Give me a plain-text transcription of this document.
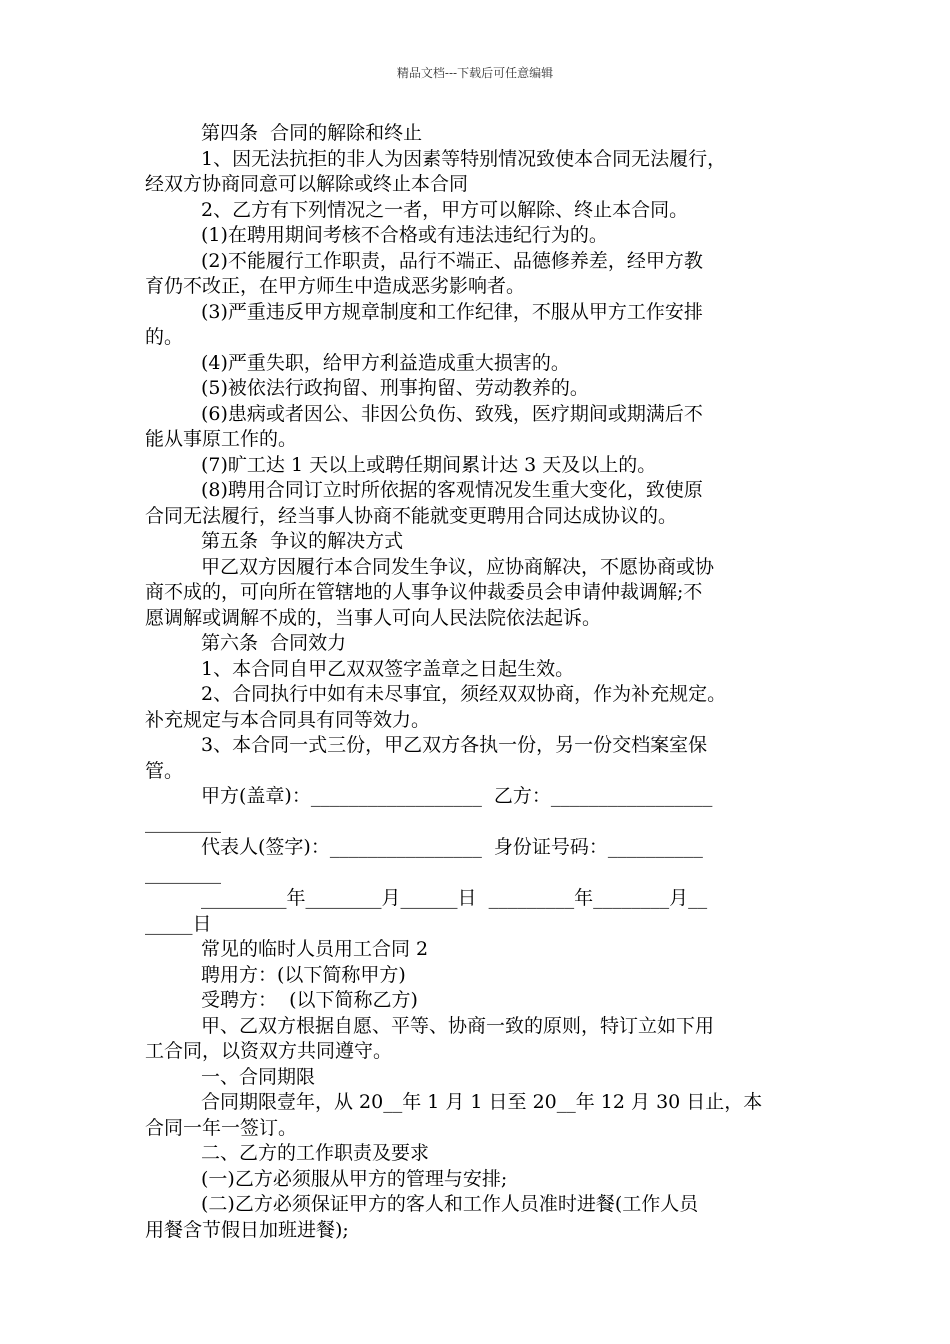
精品文档---下载后可任意编辑
第四条  合同的解除和终止
1、因无法抗拒的非人为因素等特别情况致使本合同无法履行，
经双方协商同意可以解除或终止本合同
2、乙方有下列情况之一者，甲方可以解除、终止本合同。
(1)在聘用期间考核不合格或有违法违纪行为的。
(2)不能履行工作职责，品行不端正、品德修养差，经甲方教
育仍不改正，在甲方师生中造成恶劣影响者。
(3)严重违反甲方规章制度和工作纪律，不服从甲方工作安排
的。
(4)严重失职，给甲方利益造成重大损害的。
(5)被依法行政拘留、刑事拘留、劳动教养的。
(6)患病或者因公、非因公负伤、致残，医疗期间或期满后不
能从事原工作的。
(7)旷工达 1 天以上或聘任期间累计达 3 天及以上的。
(8)聘用合同订立时所依据的客观情况发生重大变化，致使原
合同无法履行，经当事人协商不能就变更聘用合同达成协议的。
第五条  争议的解决方式
甲乙双方因履行本合同发生争议，应协商解决，不愿协商或协
商不成的，可向所在管辖地的人事争议仲裁委员会申请仲裁调解;不
愿调解或调解不成的，当事人可向人民法院依法起诉。
第六条  合同效力
1、本合同自甲乙双双签字盖章之日起生效。
2、合同执行中如有未尽事宜，须经双双协商，作为补充规定。
补充规定与本合同具有同等效力。
3、本合同一式三份，甲乙双方各执一份，另一份交档案室保
管。
甲方(盖章)：__________________  乙方：_________________
________
代表人(签字)：________________  身份证号码：__________
________
_________年________月______日  _________年________月__
_____日
常见的临时人员用工合同 2
聘用方：(以下简称甲方)
受聘方：  (以下简称乙方)
甲、乙双方根据自愿、平等、协商一致的原则，特订立如下用
工合同，以资双方共同遵守。
一、合同期限
合同期限壹年，从 20__年 1 月 1 日至 20__年 12 月 30 日止，本
合同一年一签订。
二、乙方的工作职责及要求
(一)乙方必须服从甲方的管理与安排;
(二)乙方必须保证甲方的客人和工作人员准时进餐(工作人员
用餐含节假日加班进餐);
